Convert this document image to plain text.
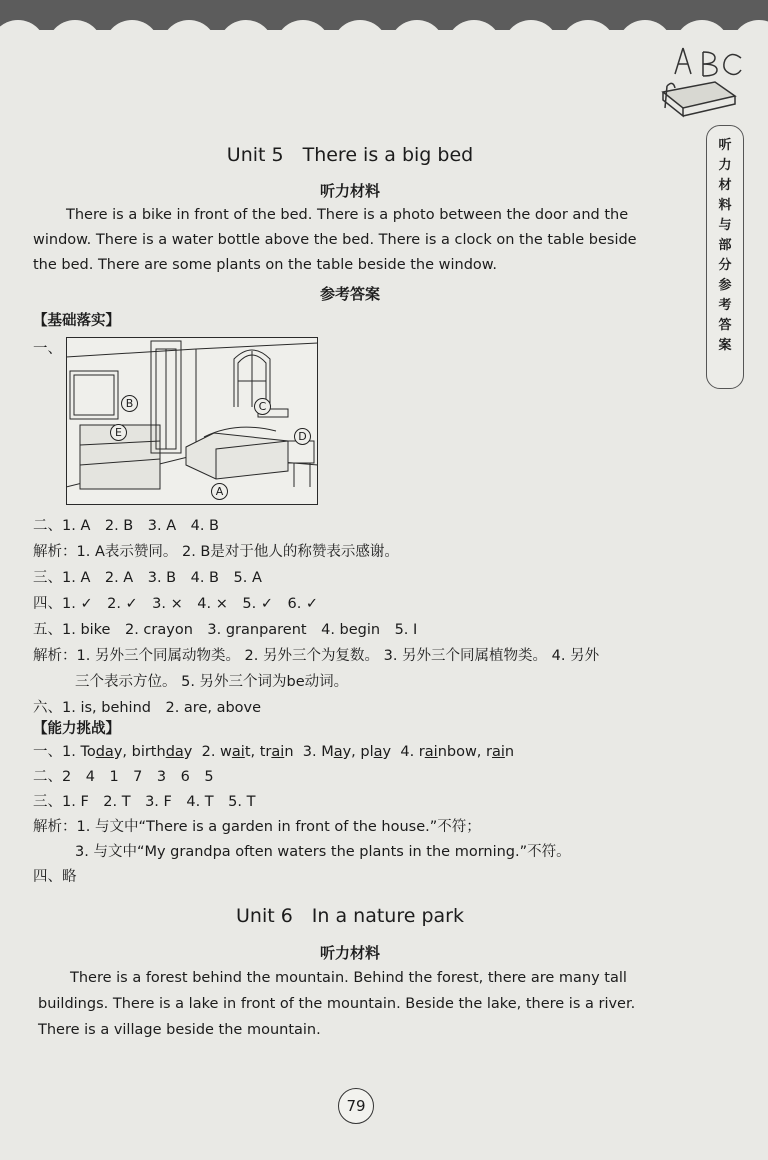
听
力
材
料
与
部
分
参
考
答
案
Unit 5　There is a big bed
听力材料
There is a bike in front of the bed. There is a photo between the door and the
window. There is a water bottle above the bed. There is a clock on the table beside
the bed. There are some plants on the table beside the window.
参考答案
【基础落实】
一、
B	C
D
E
A
二、1. A　2. B　3. A　4. B
解析：1. A表示赞同。 2. B是对于他人的称赞表示感谢。
三、1. A　2. A　3. B　4. B　5. A
四、1. ✓　2. ✓　3. ×　4. ×　5. ✓　6. ✓
五、1. bike　2. crayon　3. granparent　4. begin　5. I
解析：1. 另外三个同属动物类。 2. 另外三个为复数。 3. 另外三个同属植物类。 4. 另外
三个表示方位。 5. 另外三个词为be动词。
六、1. is, behind　2. are, above
【能力挑战】
一、1. Today, birthday 2. wait, train 3. May, play 4. rainbow, rain
二、2　4　1　7　3　6　5
三、1. F　2. T　3. F　4. T　5. T
解析：1. 与文中“There is a garden in front of the house.”不符；
3. 与文中“My grandpa often waters the plants in the morning.”不符。
四、略
Unit 6　In a nature park
听力材料
There is a forest behind the mountain. Behind the forest, there are many tall
buildings. There is a lake in front of the mountain. Beside the lake, there is a river.
There is a village beside the mountain.
79
